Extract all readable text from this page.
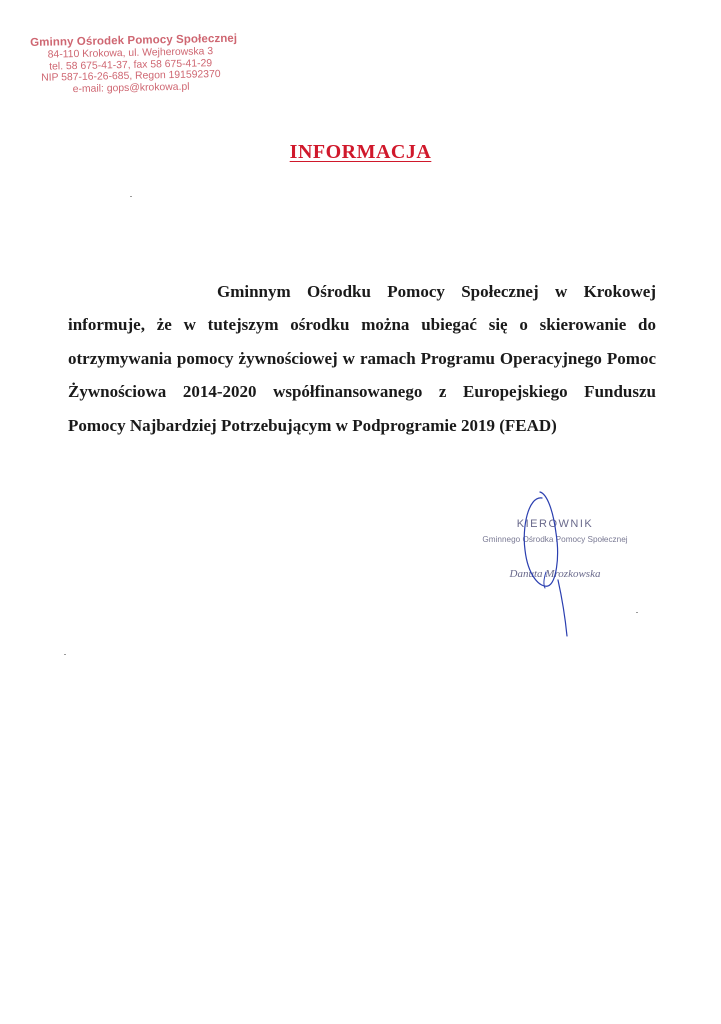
Gminny Ośrodek Pomocy Społecznej
84-110 Krokowa, ul. Wejherowska 3
tel. 58 675-41-37, fax 58 675-41-29
NIP 587-16-26-685, Regon 191592370
e-mail: gops@krokowa.pl
INFORMACJA

Gminnym Ośrodku Pomocy Społecznej w Krokowej informuje, że w tutejszym ośrodku można ubiegać się o skierowanie do otrzymywania pomocy żywnościowej w ramach Programu Operacyjnego Pomoc Żywnościowa 2014-2020 współfinansowanego z Europejskiego Funduszu Pomocy Najbardziej Potrzebującym w Podprogramie 2019 (FEAD)

KIEROWNIK
Gminnego Ośrodka Pomocy Społecznej
Danuta Mrozkowska
